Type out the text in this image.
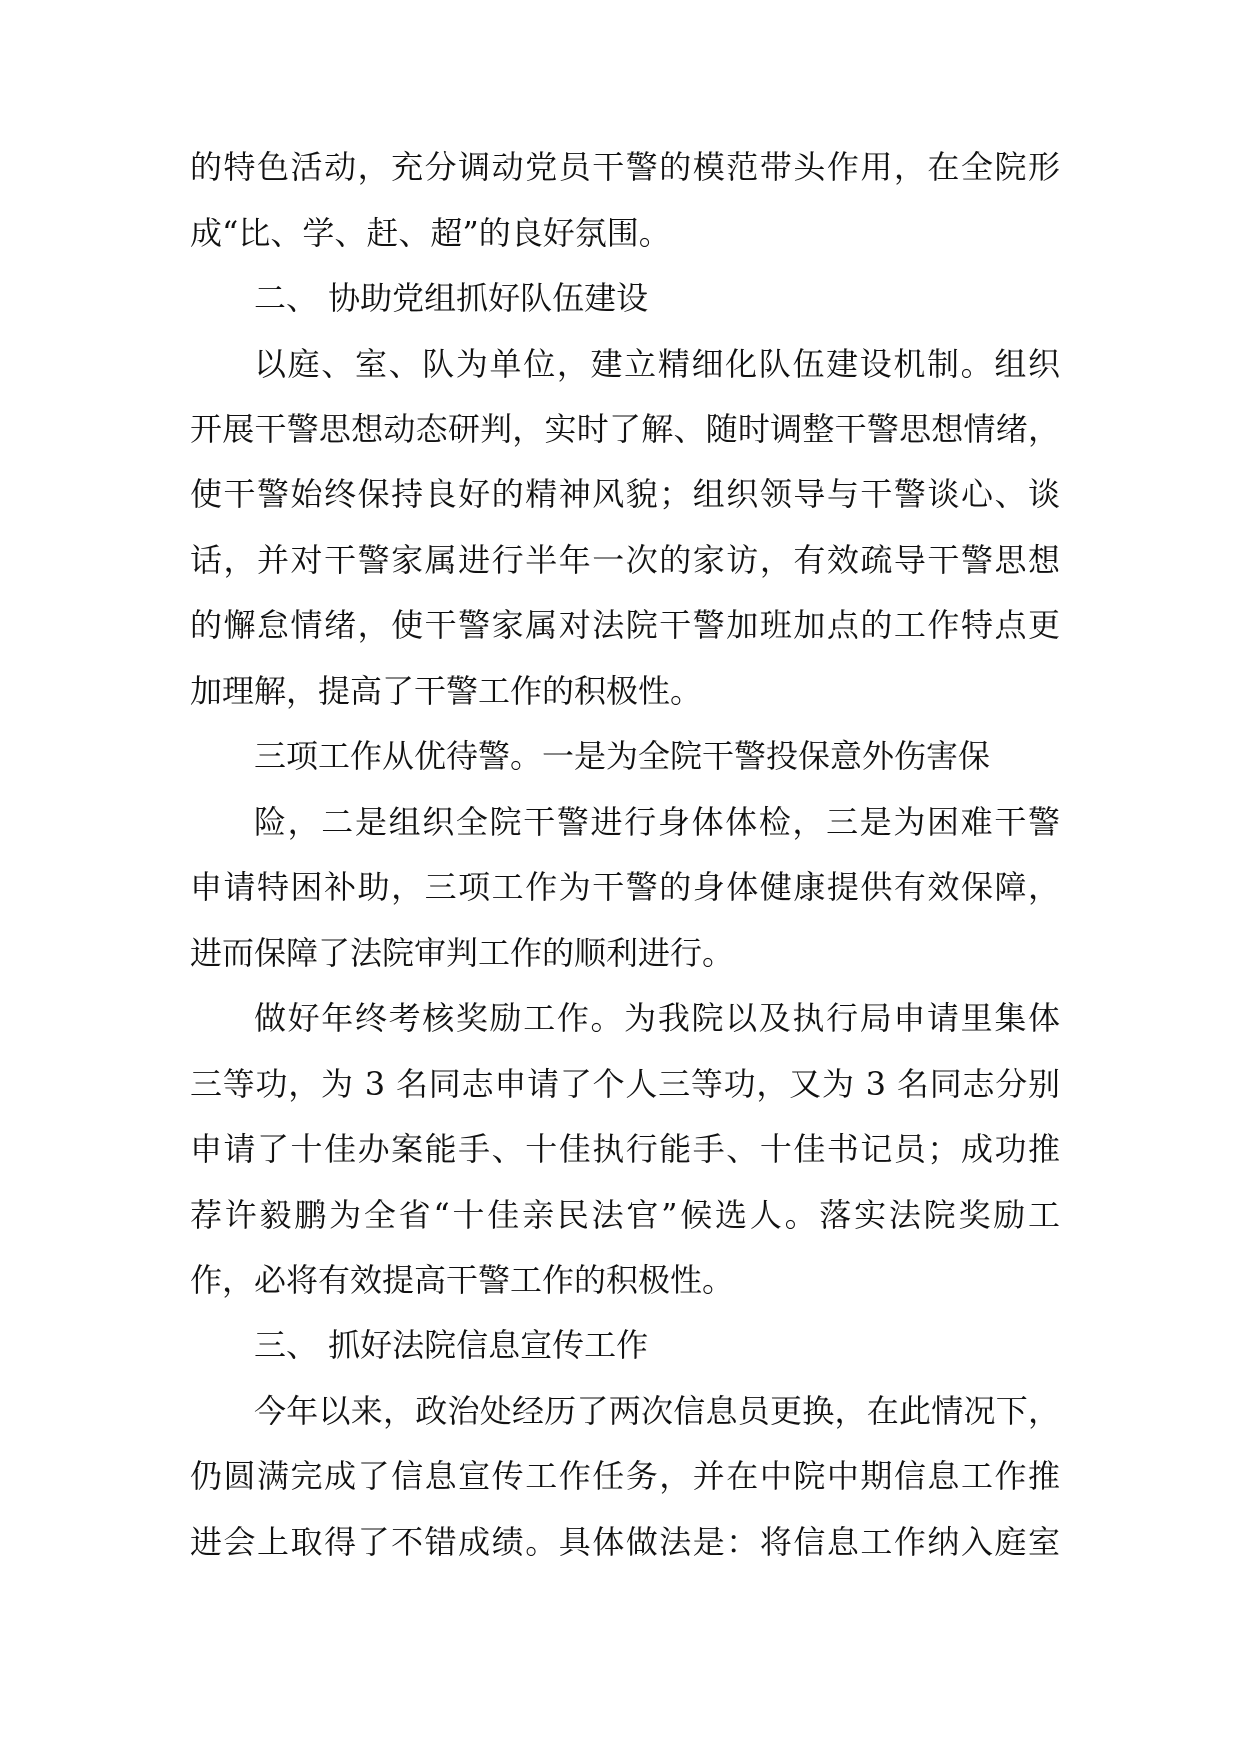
的特色活动，充分调动党员干警的模范带头作用，在全院形
成“比、学、赶、超”的良好氛围。
二、 协助党组抓好队伍建设
以庭、室、队为单位，建立精细化队伍建设机制。组织
开展干警思想动态研判，实时了解、随时调整干警思想情绪，
使干警始终保持良好的精神风貌；组织领导与干警谈心、谈
话，并对干警家属进行半年一次的家访，有效疏导干警思想
的懈怠情绪，使干警家属对法院干警加班加点的工作特点更
加理解，提高了干警工作的积极性。
三项工作从优待警。一是为全院干警投保意外伤害保
险，二是组织全院干警进行身体体检，三是为困难干警
申请特困补助，三项工作为干警的身体健康提供有效保障，
进而保障了法院审判工作的顺利进行。
做好年终考核奖励工作。为我院以及执行局申请里集体
三等功，为 3 名同志申请了个人三等功，又为 3 名同志分别
申请了十佳办案能手、十佳执行能手、十佳书记员；成功推
荐许毅鹏为全省“十佳亲民法官”候选人。落实法院奖励工
作，必将有效提高干警工作的积极性。
三、 抓好法院信息宣传工作
今年以来，政治处经历了两次信息员更换，在此情况下，
仍圆满完成了信息宣传工作任务，并在中院中期信息工作推
进会上取得了不错成绩。具体做法是：将信息工作纳入庭室
